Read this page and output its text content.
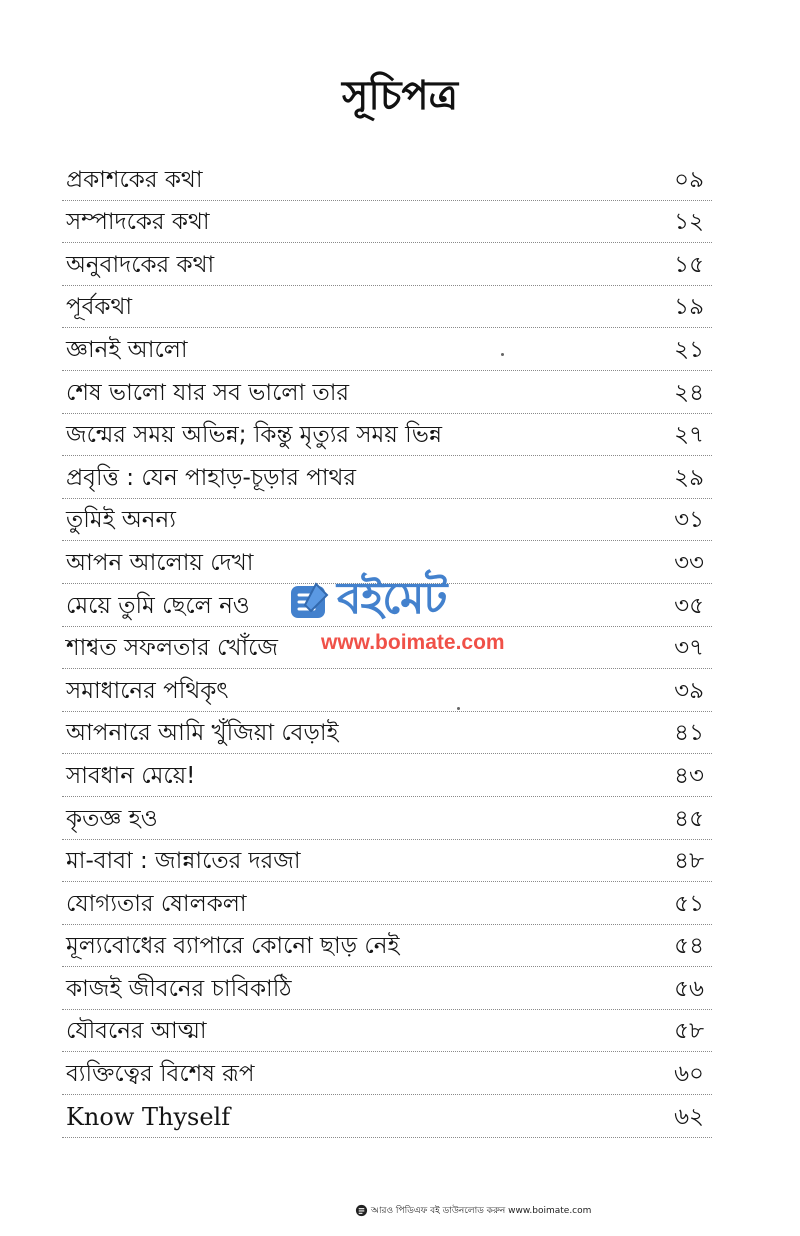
সূচিপত্র
প্রকাশকের কথা	০৯
সম্পাদকের কথা	১২
অনুবাদকের কথা	১৫
পূর্বকথা	১৯
জ্ঞানই আলো	২১
শেষ ভালো যার সব ভালো তার	২৪
জন্মের সময় অভিন্ন; কিন্তু মৃত্যুর সময় ভিন্ন	২৭
প্রবৃত্তি : যেন পাহাড়-চূড়ার পাথর	২৯
তুমিই অনন্য	৩১
আপন আলোয় দেখা	৩৩
মেয়ে তুমি ছেলে নও	৩৫
শাশ্বত সফলতার খোঁজে	৩৭
সমাধানের পথিকৃৎ	৩৯
আপনারে আমি খুঁজিয়া বেড়াই	৪১
সাবধান মেয়ে!	৪৩
কৃতজ্ঞ হও	৪৫
মা-বাবা : জান্নাতের দরজা	৪৮
যোগ্যতার ষোলকলা	৫১
মূল্যবোধের ব্যাপারে কোনো ছাড় নেই	৫৪
কাজই জীবনের চাবিকাঠি	৫৬
যৌবনের আত্মা	৫৮
ব্যক্তিত্বের বিশেষ রূপ	৬০
Know Thyself	৬২
বইমেট
www.boimate.com
আরও পিডিএফ বই ডাউনলোড করুন www.boimate.com
